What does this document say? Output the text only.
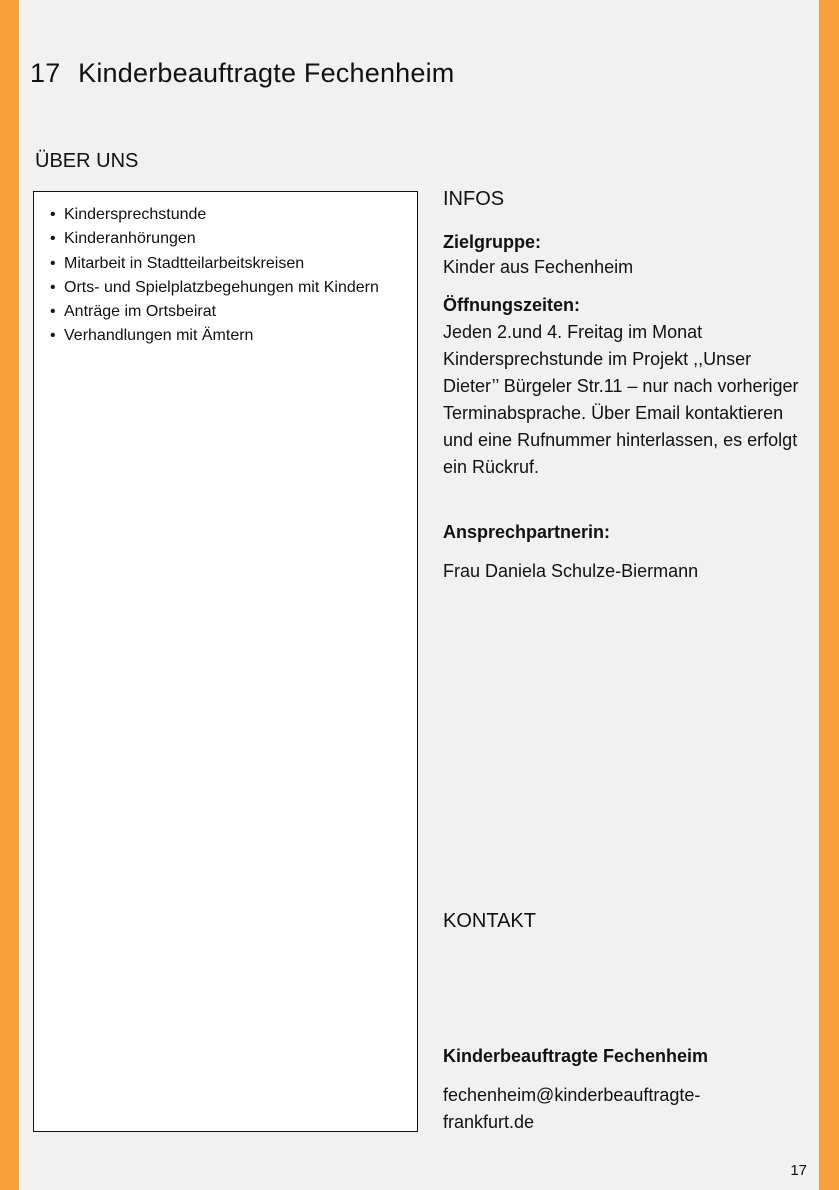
17 Kinderbeauftragte Fechenheim
ÜBER UNS
• Kindersprechstunde
• Kinderanhörungen
• Mitarbeit in Stadtteilarbeitskreisen
• Orts- und Spielplatzbegehungen mit Kindern
• Anträge im Ortsbeirat
• Verhandlungen mit Ämtern
INFOS
Zielgruppe:
Kinder aus Fechenheim
Öffnungszeiten:
Jeden 2.und 4. Freitag im Monat Kindersprechstunde im Projekt ,,Unser Dieter’’ Bürgeler Str.11 – nur nach vorheriger Terminabsprache. Über Email kontaktieren und eine Rufnummer hinterlassen, es erfolgt ein Rückruf.
Ansprechpartnerin:
Frau Daniela Schulze-Biermann
KONTAKT
Kinderbeauftragte Fechenheim
fechenheim@kinderbeauftragte-frankfurt.de
17
